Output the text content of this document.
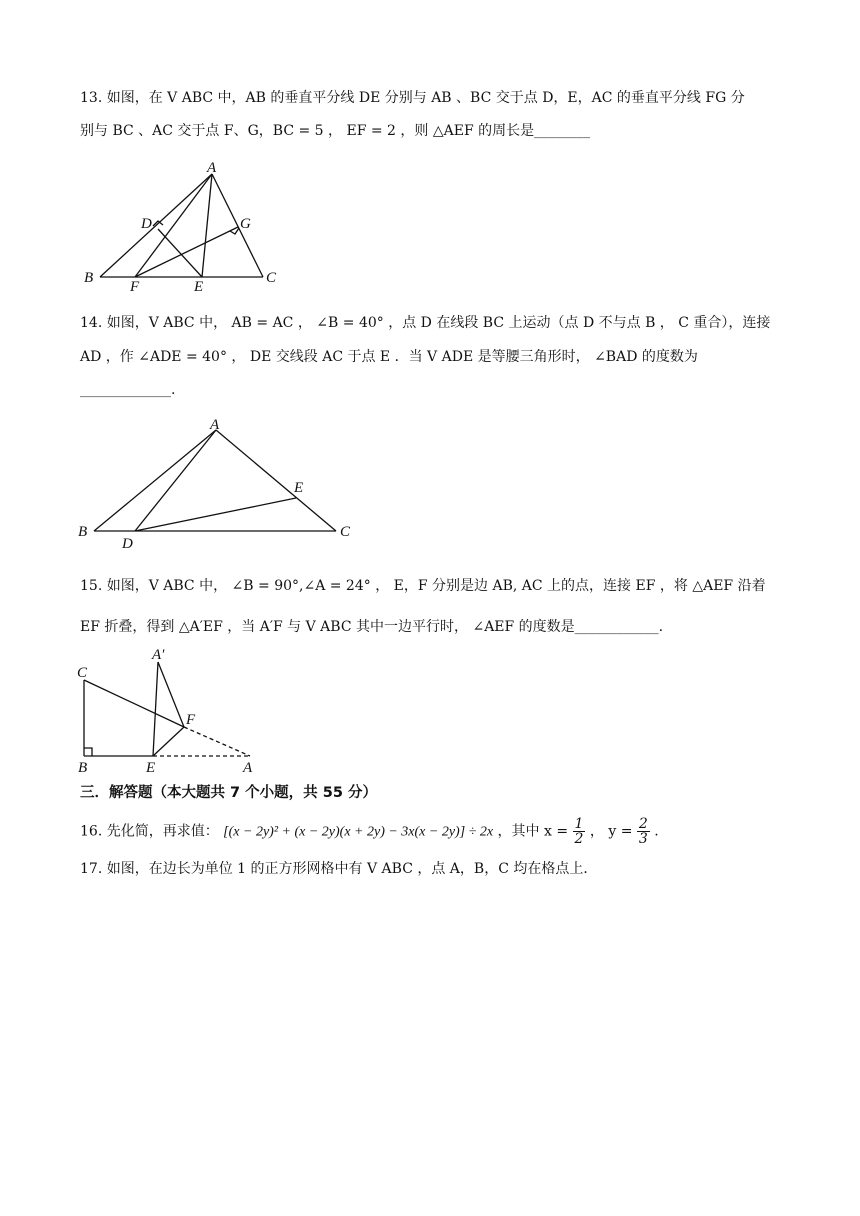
13. 如图，在 V ABC 中，AB 的垂直平分线 DE 分别与 AB 、BC 交于点 D，E，AC 的垂直平分线 FG 分
别与 BC 、AC 交于点 F、G，BC = 5 ， EF = 2 ，则 △AEF 的周长是________
A
D	G
B
F	E
C
14. 如图，V ABC 中， AB = AC ， ∠B = 40° ，点 D 在线段 BC 上运动（点 D 不与点 B ， C 重合），连接
AD ，作 ∠ADE = 40° ， DE 交线段 AC 于点 E ．当 V ADE 是等腰三角形时， ∠BAD 的度数为
_____________.
A
E
B
D
C
15. 如图，V ABC 中， ∠B = 90°,∠A = 24° ， E，F 分别是边 AB, AC 上的点，连接 EF ，将 △AEF 沿着
EF 折叠，得到 △A′EF ，当 A′F 与 V ABC 其中一边平行时， ∠AEF 的度数是____________.
A′
C
F
B	E	A
三．解答题（本大题共 7 个小题，共 55 分）
16. 先化简，再求值： [(x − 2y)² + (x − 2y)(x + 2y) − 3x(x − 2y)] ÷ 2x ，其中 $x = \frac{1}{2}$ ， $y = \frac{2}{3}$ .
17. 如图，在边长为单位 1 的正方形网格中有 V ABC ，点 A，B，C 均在格点上．
